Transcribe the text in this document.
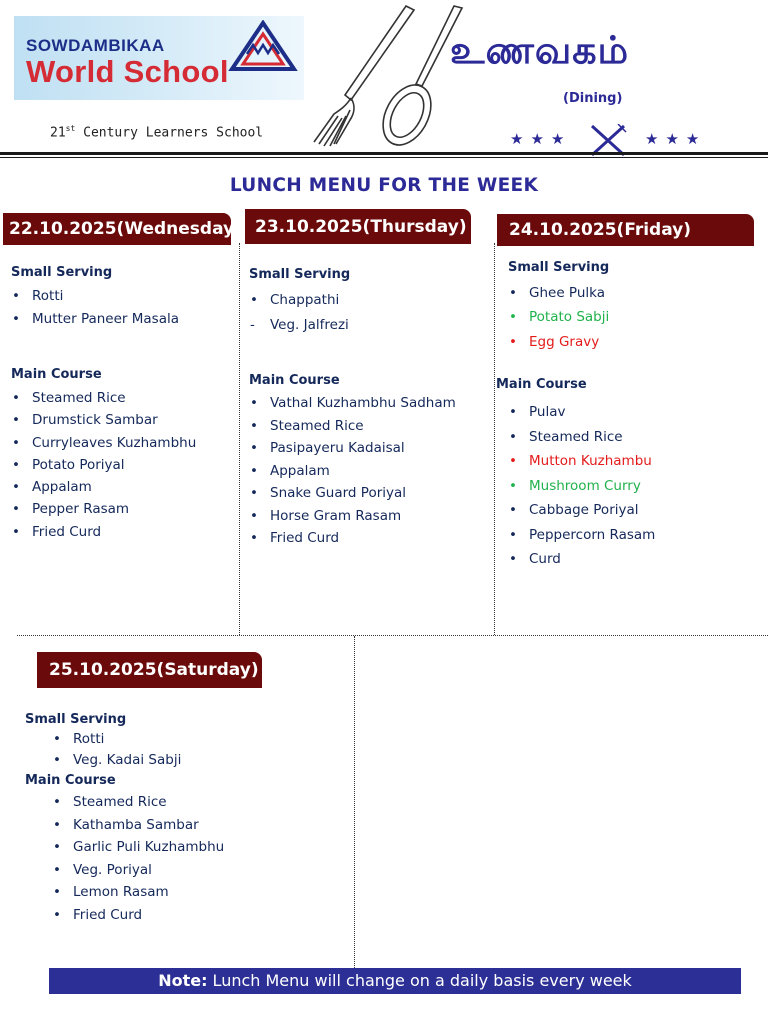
SOWDAMBIKAA
World School
21st Century Learners School
உணவகம்
(Dining)
★★★	★★★
LUNCH MENU FOR THE WEEK
22.10.2025(Wednesday)
Small Serving
• Rotti
• Mutter Paneer Masala
Main Course
• Steamed Rice
• Drumstick Sambar
• Curryleaves Kuzhambhu
• Potato Poriyal
• Appalam
• Pepper Rasam
• Fried Curd
23.10.2025(Thursday)
Small Serving
• Chappathi
- Veg. Jalfrezi
Main Course
• Vathal Kuzhambhu Sadham
• Steamed Rice
• Pasipayeru Kadaisal
• Appalam
• Snake Guard Poriyal
• Horse Gram Rasam
• Fried Curd
24.10.2025(Friday)
Small Serving
• Ghee Pulka
• Potato Sabji
• Egg Gravy
Main Course
• Pulav
• Steamed Rice
• Mutton Kuzhambu
• Mushroom Curry
• Cabbage Poriyal
• Peppercorn Rasam
• Curd
25.10.2025(Saturday)
Small Serving
• Rotti
• Veg. Kadai Sabji
Main Course
• Steamed Rice
• Kathamba Sambar
• Garlic Puli Kuzhambhu
• Veg. Poriyal
• Lemon Rasam
• Fried Curd
Note: Lunch Menu will change on a daily basis every week
